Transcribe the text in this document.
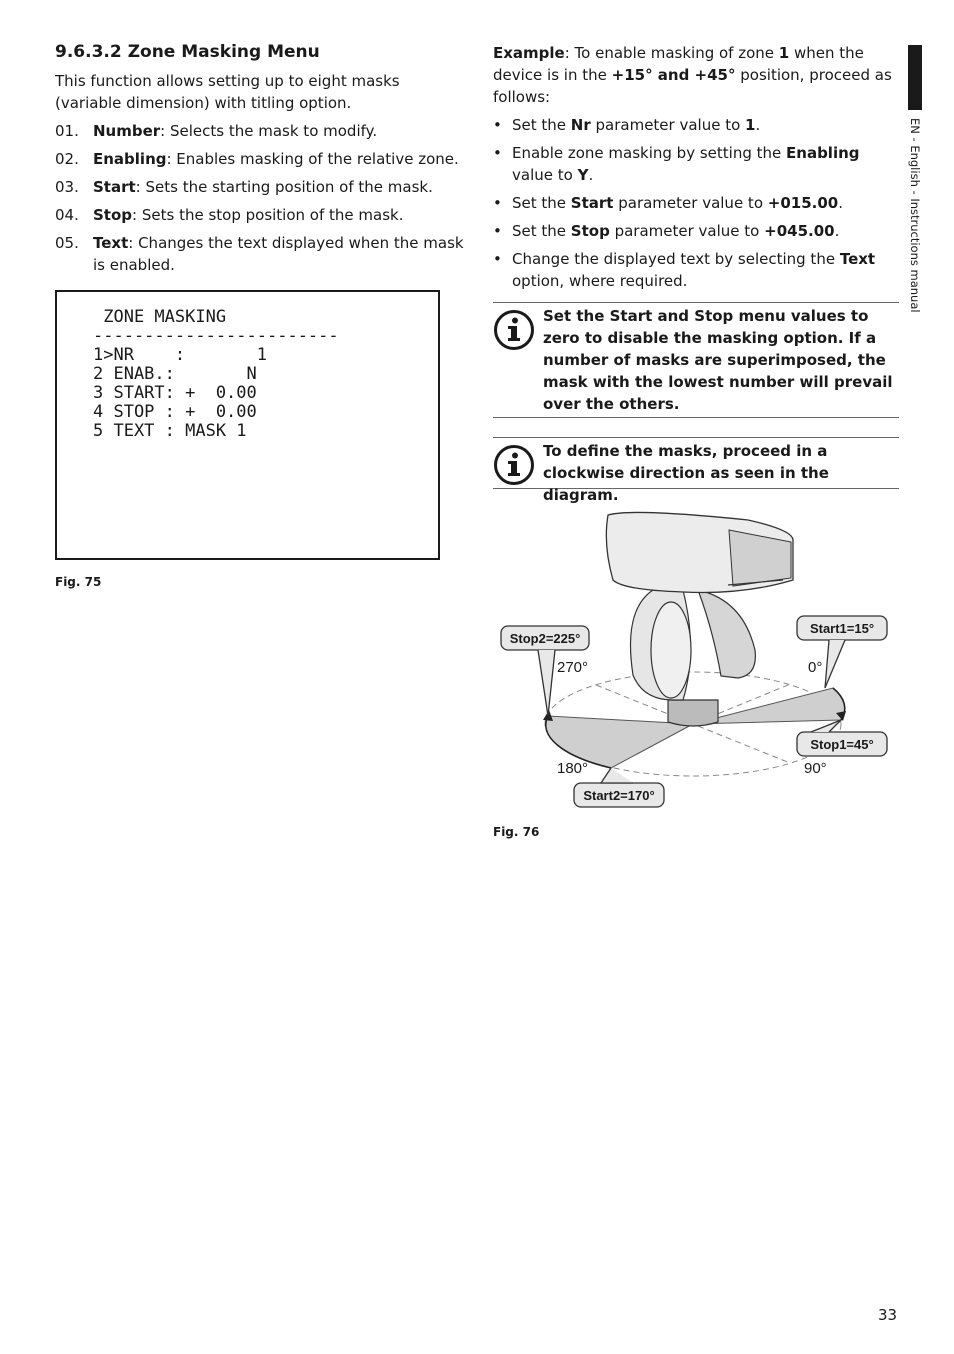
9.6.3.2 Zone Masking Menu

This function allows setting up to eight masks (variable dimension) with titling option.

01. Number: Selects the mask to modify.
02. Enabling: Enables masking of the relative zone.
03. Start: Sets the starting position of the mask.
04. Stop: Sets the stop position of the mask.
05. Text: Changes the text displayed when the mask is enabled.
ZONE MASKING
------------------------
1>NR    :       1
2 ENAB.:       N
3 START: +  0.00
4 STOP : +  0.00
5 TEXT : MASK 1
Fig. 75

Example: To enable masking of zone 1 when the device is in the +15° and +45° position, proceed as follows:

• Set the Nr parameter value to 1.
• Enable zone masking by setting the Enabling value to Y.
• Set the Start parameter value to +015.00.
• Set the Stop parameter value to +045.00.
• Change the displayed text by selecting the Text option, where required.
Set the Start and Stop menu values to zero to disable the masking option. If a number of masks are superimposed, the mask with the lowest number will prevail over the others.
To define the masks, proceed in a clockwise direction as seen in the diagram.
Stop2=225°
Start1=15°
Stop1=45°
Start2=170°
270°	0°
180°	90°
Fig. 76
EN - English - Instructions manual
33
